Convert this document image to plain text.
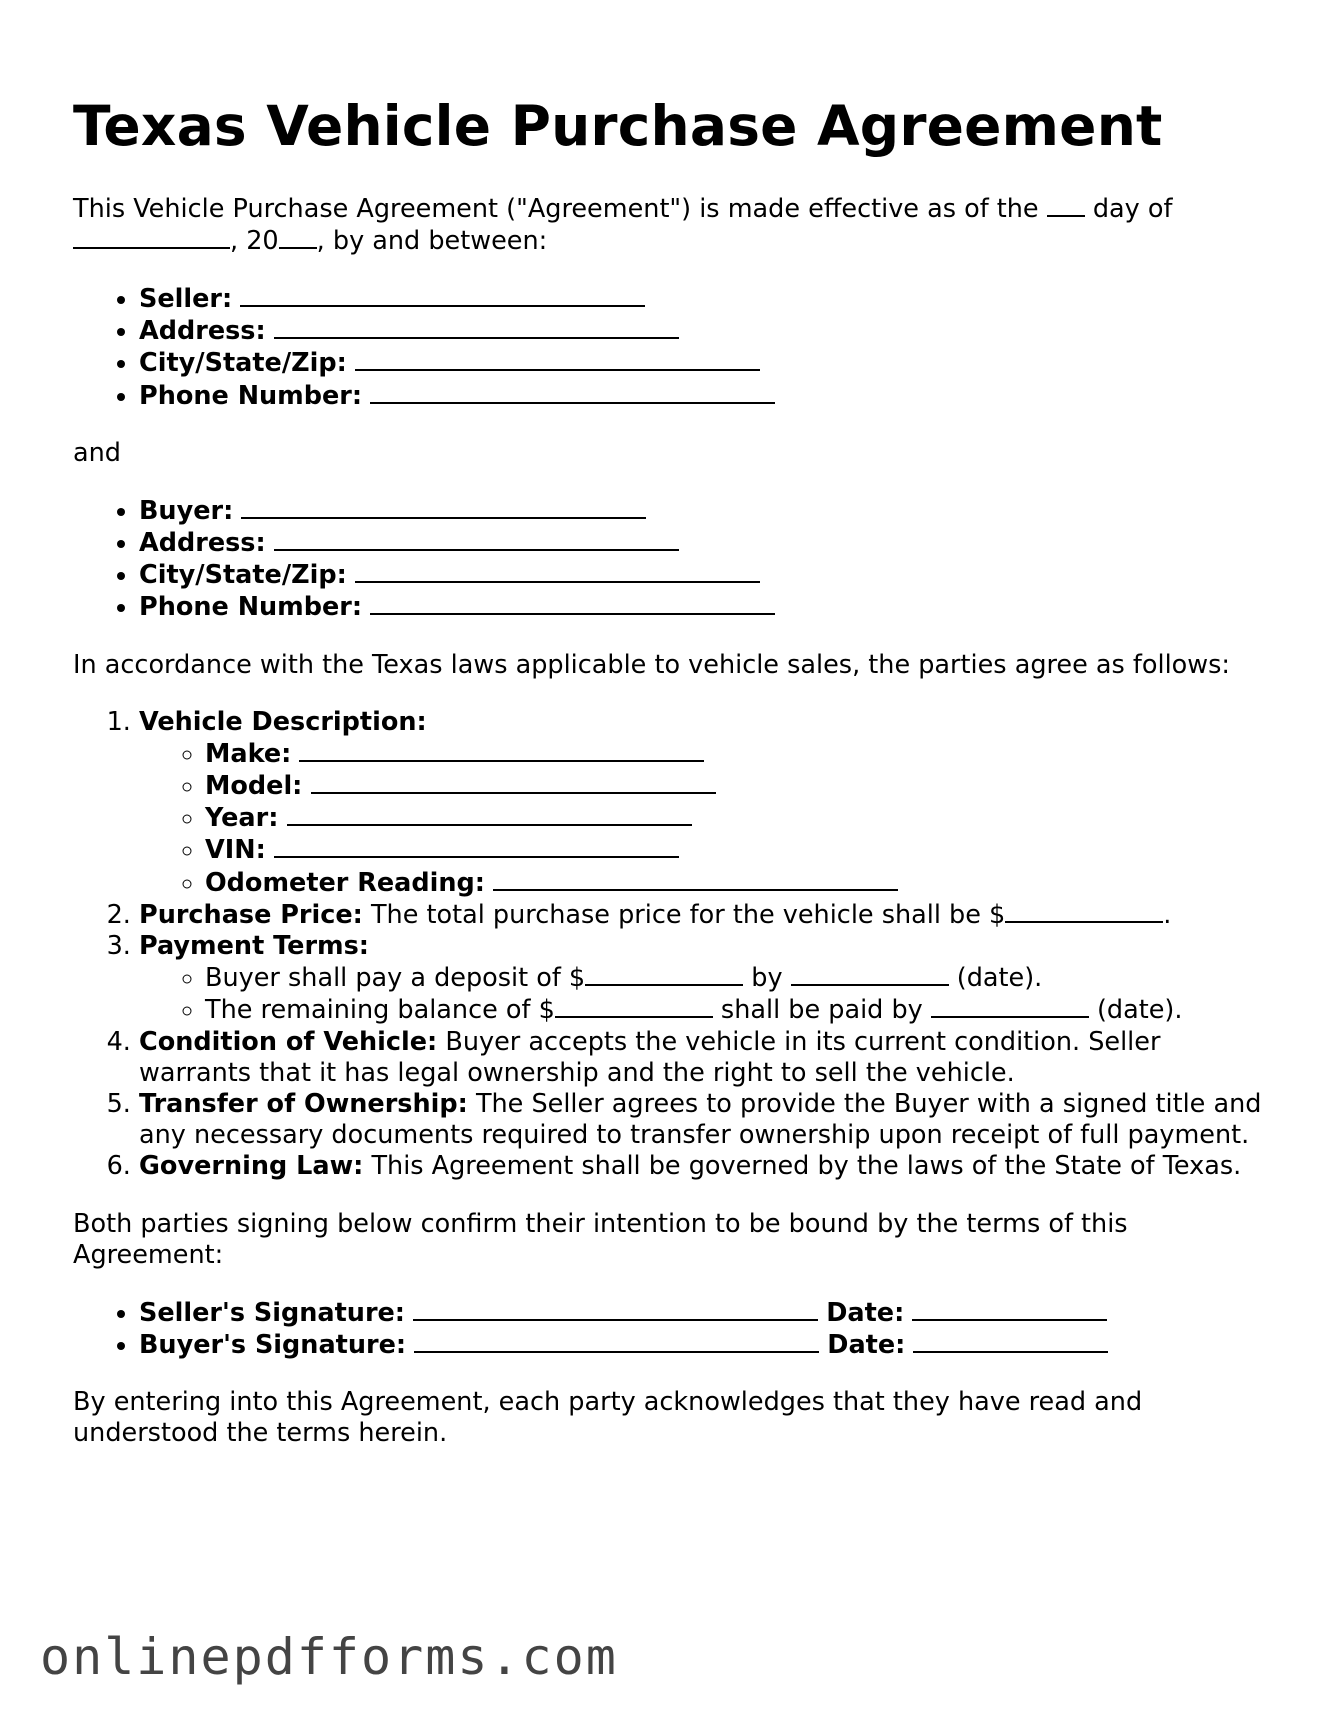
Texas Vehicle Purchase Agreement

This Vehicle Purchase Agreement ("Agreement") is made effective as of the day of , 20 , by and between:

• Seller:
• Address:
• City/State/Zip:
• Phone Number:

and

• Buyer:
• Address:
• City/State/Zip:
• Phone Number:

In accordance with the Texas laws applicable to vehicle sales, the parties agree as follows:

1. Vehicle Description:
◦ Make:
◦ Model:
◦ Year:
◦ VIN:
◦ Odometer Reading:
2. Purchase Price: The total purchase price for the vehicle shall be $	.
3. Payment Terms:
◦ Buyer shall pay a deposit of $	by	(date).
◦ The remaining balance of $	shall be paid by	(date).
4. Condition of Vehicle: Buyer accepts the vehicle in its current condition. Seller warrants that it has legal ownership and the right to sell the vehicle.
5. Transfer of Ownership: The Seller agrees to provide the Buyer with a signed title and any necessary documents required to transfer ownership upon receipt of full payment.
6. Governing Law: This Agreement shall be governed by the laws of the State of Texas.

Both parties signing below confirm their intention to be bound by the terms of this Agreement:

• Seller's Signature:	Date:
• Buyer's Signature:	Date:

By entering into this Agreement, each party acknowledges that they have read and understood the terms herein.

onlinepdfforms.com
